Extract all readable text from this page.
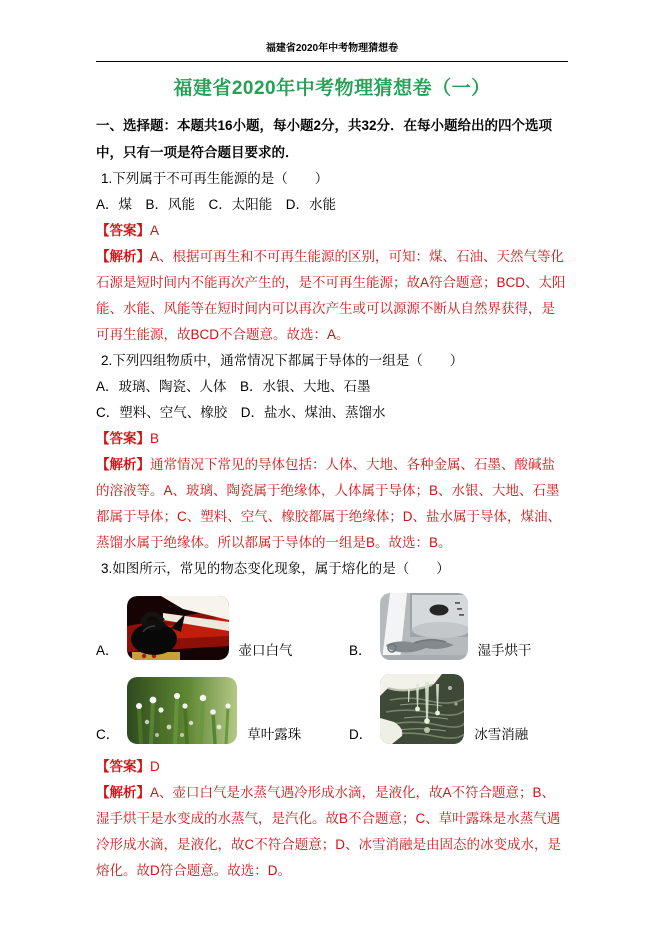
福建省2020年中考物理猜想卷
福建省2020年中考物理猜想卷（一）
一、选择题：本题共16小题，每小题2分，共32分．在每小题给出的四个选项中，只有一项是符合题目要求的．

1.下列属于不可再生能源的是（　　）

A．煤　B．风能　C．太阳能　D．水能

【答案】A

【解析】A、根据可再生和不可再生能源的区别，可知：煤、石油、天然气等化石源是短时间内不能再次产生的，是不可再生能源；故A符合题意；BCD、太阳能、水能、风能等在短时间内可以再次产生或可以源源不断从自然界获得，是可再生能源，故BCD不合题意。故选：A。

2.下列四组物质中，通常情况下都属于导体的一组是（　　）

A．玻璃、陶瓷、人体　B．水银、大地、石墨

C．塑料、空气、橡胶　D．盐水、煤油、蒸馏水

【答案】B

【解析】通常情况下常见的导体包括：人体、大地、各种金属、石墨、酸碱盐的溶液等。A、玻璃、陶瓷属于绝缘体，人体属于导体；B、水银、大地、石墨都属于导体；C、塑料、空气、橡胶都属于绝缘体；D、盐水属于导体，煤油、蒸馏水属于绝缘体。所以都属于导体的一组是B。故选：B。

3.如图所示，常见的物态变化现象，属于熔化的是（　　）

A．	壶口白气	B．	湿手烘干
C．	草叶露珠	D．	冰雪消融

【答案】D

【解析】A、壶口白气是水蒸气遇冷形成水滴，是液化，故A不符合题意；B、湿手烘干是水变成的水蒸气，是汽化。故B不合题意；C、草叶露珠是水蒸气遇冷形成水滴，是液化，故C不符合题意；D、冰雪消融是由固态的冰变成水，是熔化。故D符合题意。故选：D。
